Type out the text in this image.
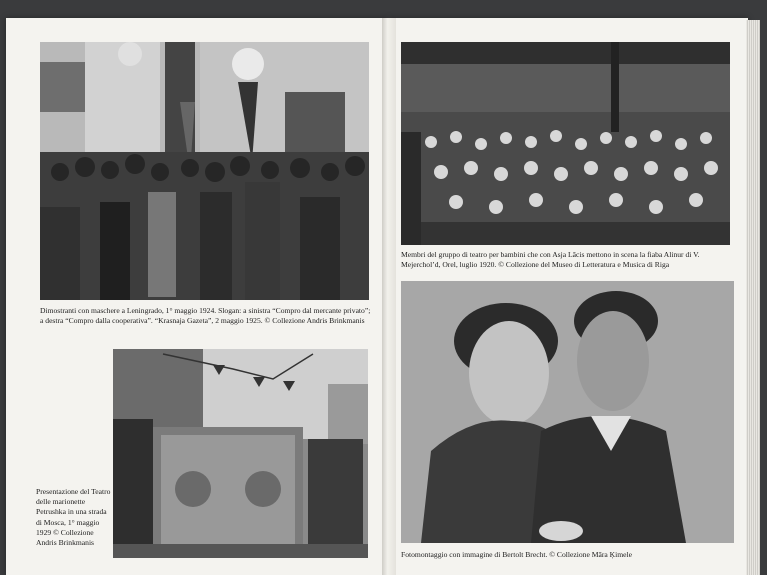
Dimostranti con maschere a Leningrado, 1° maggio 1924. Slogan: a sinistra “Compro dal mercante privato”; a destra “Compro dalla cooperativa”. “Krasnaja Gazeta”, 2 maggio 1925. © Collezione Andris Brinkmanis
Presentazione del Teatro delle marionette Petrushka in una strada di Mosca, 1° maggio 1929 © Collezione Andris Brinkmanis
Membri del gruppo di teatro per bambini che con Asja Lācis mettono in scena la fiaba Alinur di V. Mejerchol’d, Orel, luglio 1920. © Collezione del Museo di Letteratura e Musica di Riga
Fotomontaggio con immagine di Bertolt Brecht. © Collezione Māra Ķimele
